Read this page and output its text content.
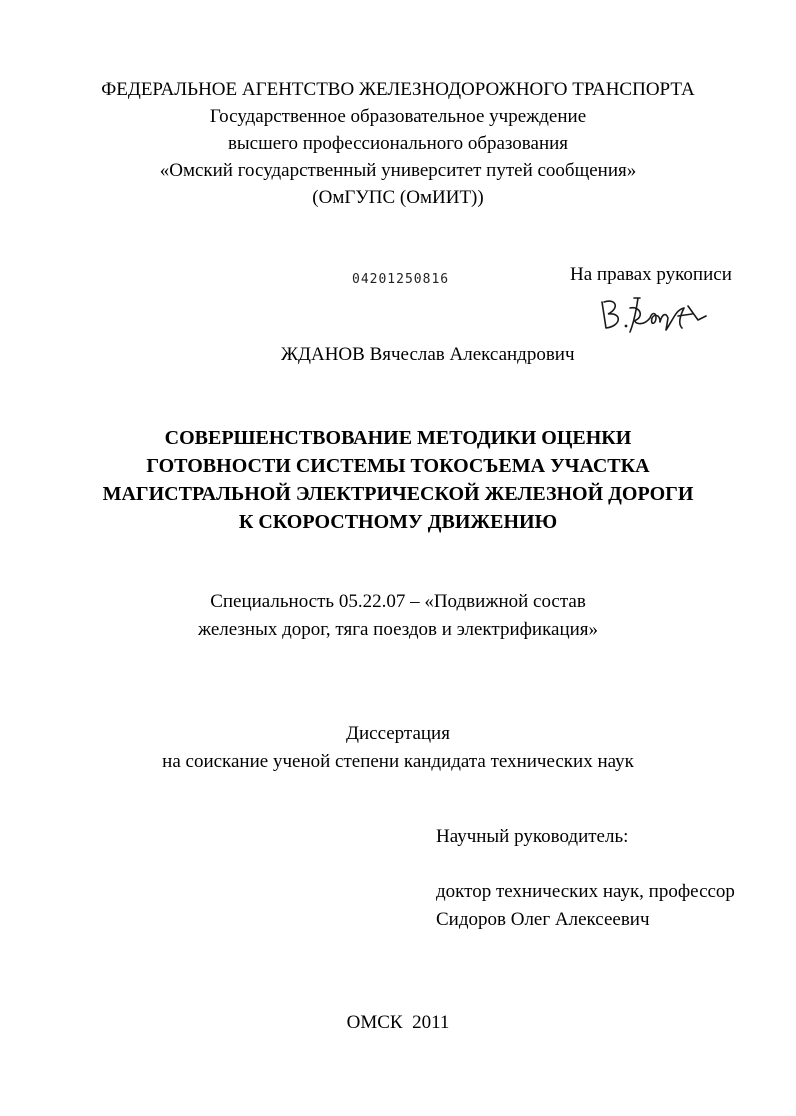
ФЕДЕРАЛЬНОЕ АГЕНТСТВО ЖЕЛЕЗНОДОРОЖНОГО ТРАНСПОРТА
Государственное образовательное учреждение
высшего профессионального образования
«Омский государственный университет путей сообщения»
(ОмГУПС (ОмИИТ))
04201250816	На правах рукописи
ЖДАНОВ Вячеслав Александрович
СОВЕРШЕНСТВОВАНИЕ МЕТОДИКИ ОЦЕНКИ
ГОТОВНОСТИ СИСТЕМЫ ТОКОСЪЕМА УЧАСТКА
МАГИСТРАЛЬНОЙ ЭЛЕКТРИЧЕСКОЙ ЖЕЛЕЗНОЙ ДОРОГИ
К СКОРОСТНОМУ ДВИЖЕНИЮ
Специальность 05.22.07 – «Подвижной состав
железных дорог, тяга поездов и электрификация»
Диссертация
на соискание ученой степени кандидата технических наук
Научный руководитель:
доктор технических наук, профессор
Сидоров Олег Алексеевич
ОМСК  2011
